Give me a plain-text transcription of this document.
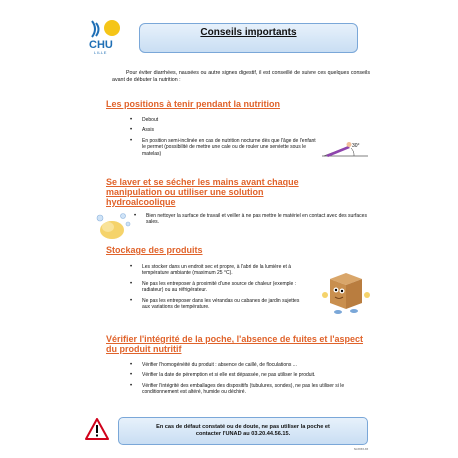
CHU
LILLE
Conseils importants
Pour éviter diarrhées, nausées ou autre signes digestif, il est conseillé de suivre ces quelques conseils avant de débuter la nutrition :
Les positions à tenir pendant la nutrition
• Debout
• Assis
• En position semi-inclinée en cas de nutrition nocturne dès que l'âge de l'enfant le permet (possibilité de mettre une cale ou de rouler une serviette sous le matelas)
30°
Se laver et se sécher les mains avant chaque manipulation ou utiliser une solution hydroalcoolique
• Bien nettoyer la surface de travail et veiller à ne pas mettre le matériel en contact avec des surfaces sales.
Stockage des produits
• Les stocker dans un endroit sec et propre, à l'abri de la lumière et à température ambiante (maximum 25 °C).
• Ne pas les entreposer à proximité d'une source de chaleur (exemple : radiateur) ou au réfrigérateur.
• Ne pas les entreposer dans les vérandas ou cabanes de jardin sujettes aux variations de température.
Vérifier l'intégrité de la poche, l'absence de fuites et l'aspect du produit nutritif
• Vérifier l'homogénéité du produit : absence de caillé, de floculations ...
• Vérifier la date de péremption et si elle est dépassée, ne pas utiliser le produit.
• Vérifier l'intégrité des emballages des dispositifs (tubulures, sondes), ne pas les utiliser si le conditionnement est altéré, humide ou déchiré.
En cas de défaut constaté ou de doute, ne pas utiliser la poche et
contacter l'UNAD au 03.20.44.56.15.
NI-XXXX-XX
